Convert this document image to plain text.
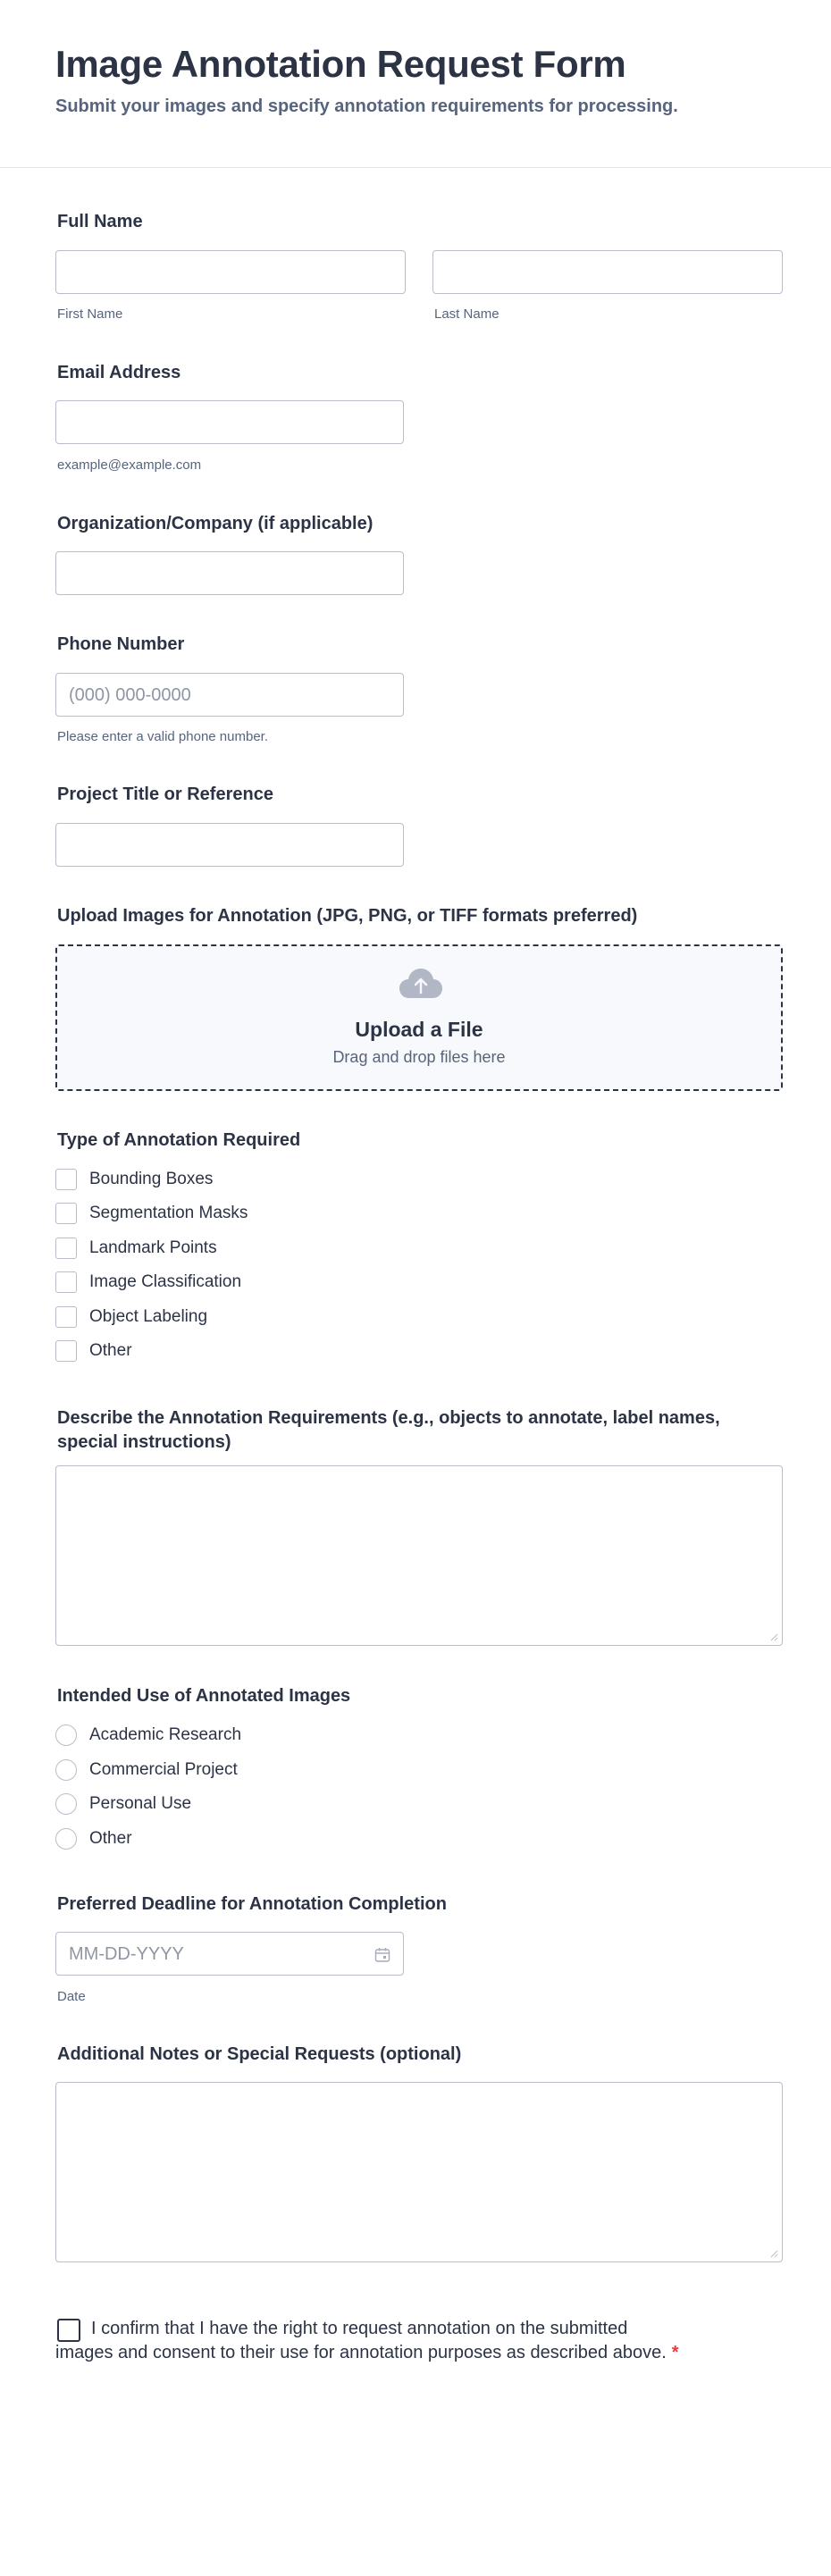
Image Annotation Request Form

Submit your images and specify annotation requirements for processing.

Full Name
First Name	Last Name
Email Address
example@example.com
Organization/Company (if applicable)
Phone Number
(000) 000-0000
Please enter a valid phone number.
Project Title or Reference
Upload Images for Annotation (JPG, PNG, or TIFF formats preferred)
Upload a File
Drag and drop files here
Type of Annotation Required
Bounding Boxes
Segmentation Masks
Landmark Points
Image Classification
Object Labeling
Other
Describe the Annotation Requirements (e.g., objects to annotate, label names, special instructions)
Intended Use of Annotated Images
Academic Research
Commercial Project
Personal Use
Other
Preferred Deadline for Annotation Completion
MM-DD-YYYY
Date
Additional Notes or Special Requests (optional)
I confirm that I have the right to request annotation on the submitted images and consent to their use for annotation purposes as described above. *
